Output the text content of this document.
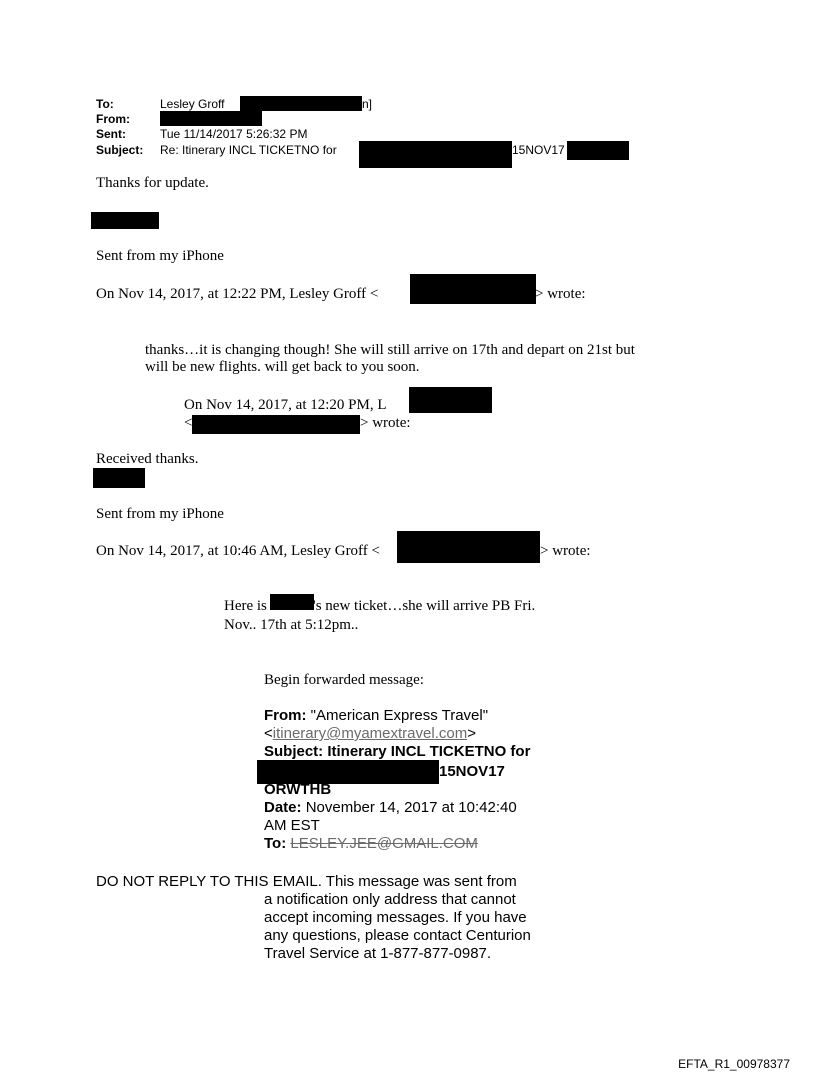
To:	Lesley Groff	n]
From:
Sent:	Tue 11/14/2017 5:26:32 PM
Subject: Re: Itinerary INCL TICKETNO for	15NOV17
Thanks for update.
Sent from my iPhone
On Nov 14, 2017, at 12:22 PM, Lesley Groff <	> wrote:
thanks…it is changing though! She will still arrive on 17th and depart on 21st but
will be new flights. will get back to you soon.
On Nov 14, 2017, at 12:20 PM, L
<	> wrote:
Received thanks.
Sent from my iPhone
On Nov 14, 2017, at 10:46 AM, Lesley Groff <	> wrote:
Here is	's new ticket…she will arrive PB Fri.
Nov.. 17th at 5:12pm..
Begin forwarded message:
From: "American Express Travel"
<itinerary@myamextravel.com>
Subject: Itinerary INCL TICKETNO for
15NOV17
ORWTHB
Date: November 14, 2017 at 10:42:40
AM EST
To: LESLEY.JEE@GMAIL.COM
DO NOT REPLY TO THIS EMAIL. This message was sent from
a notification only address that cannot
accept incoming messages. If you have
any questions, please contact Centurion
Travel Service at 1-877-877-0987.
EFTA_R1_00978377
